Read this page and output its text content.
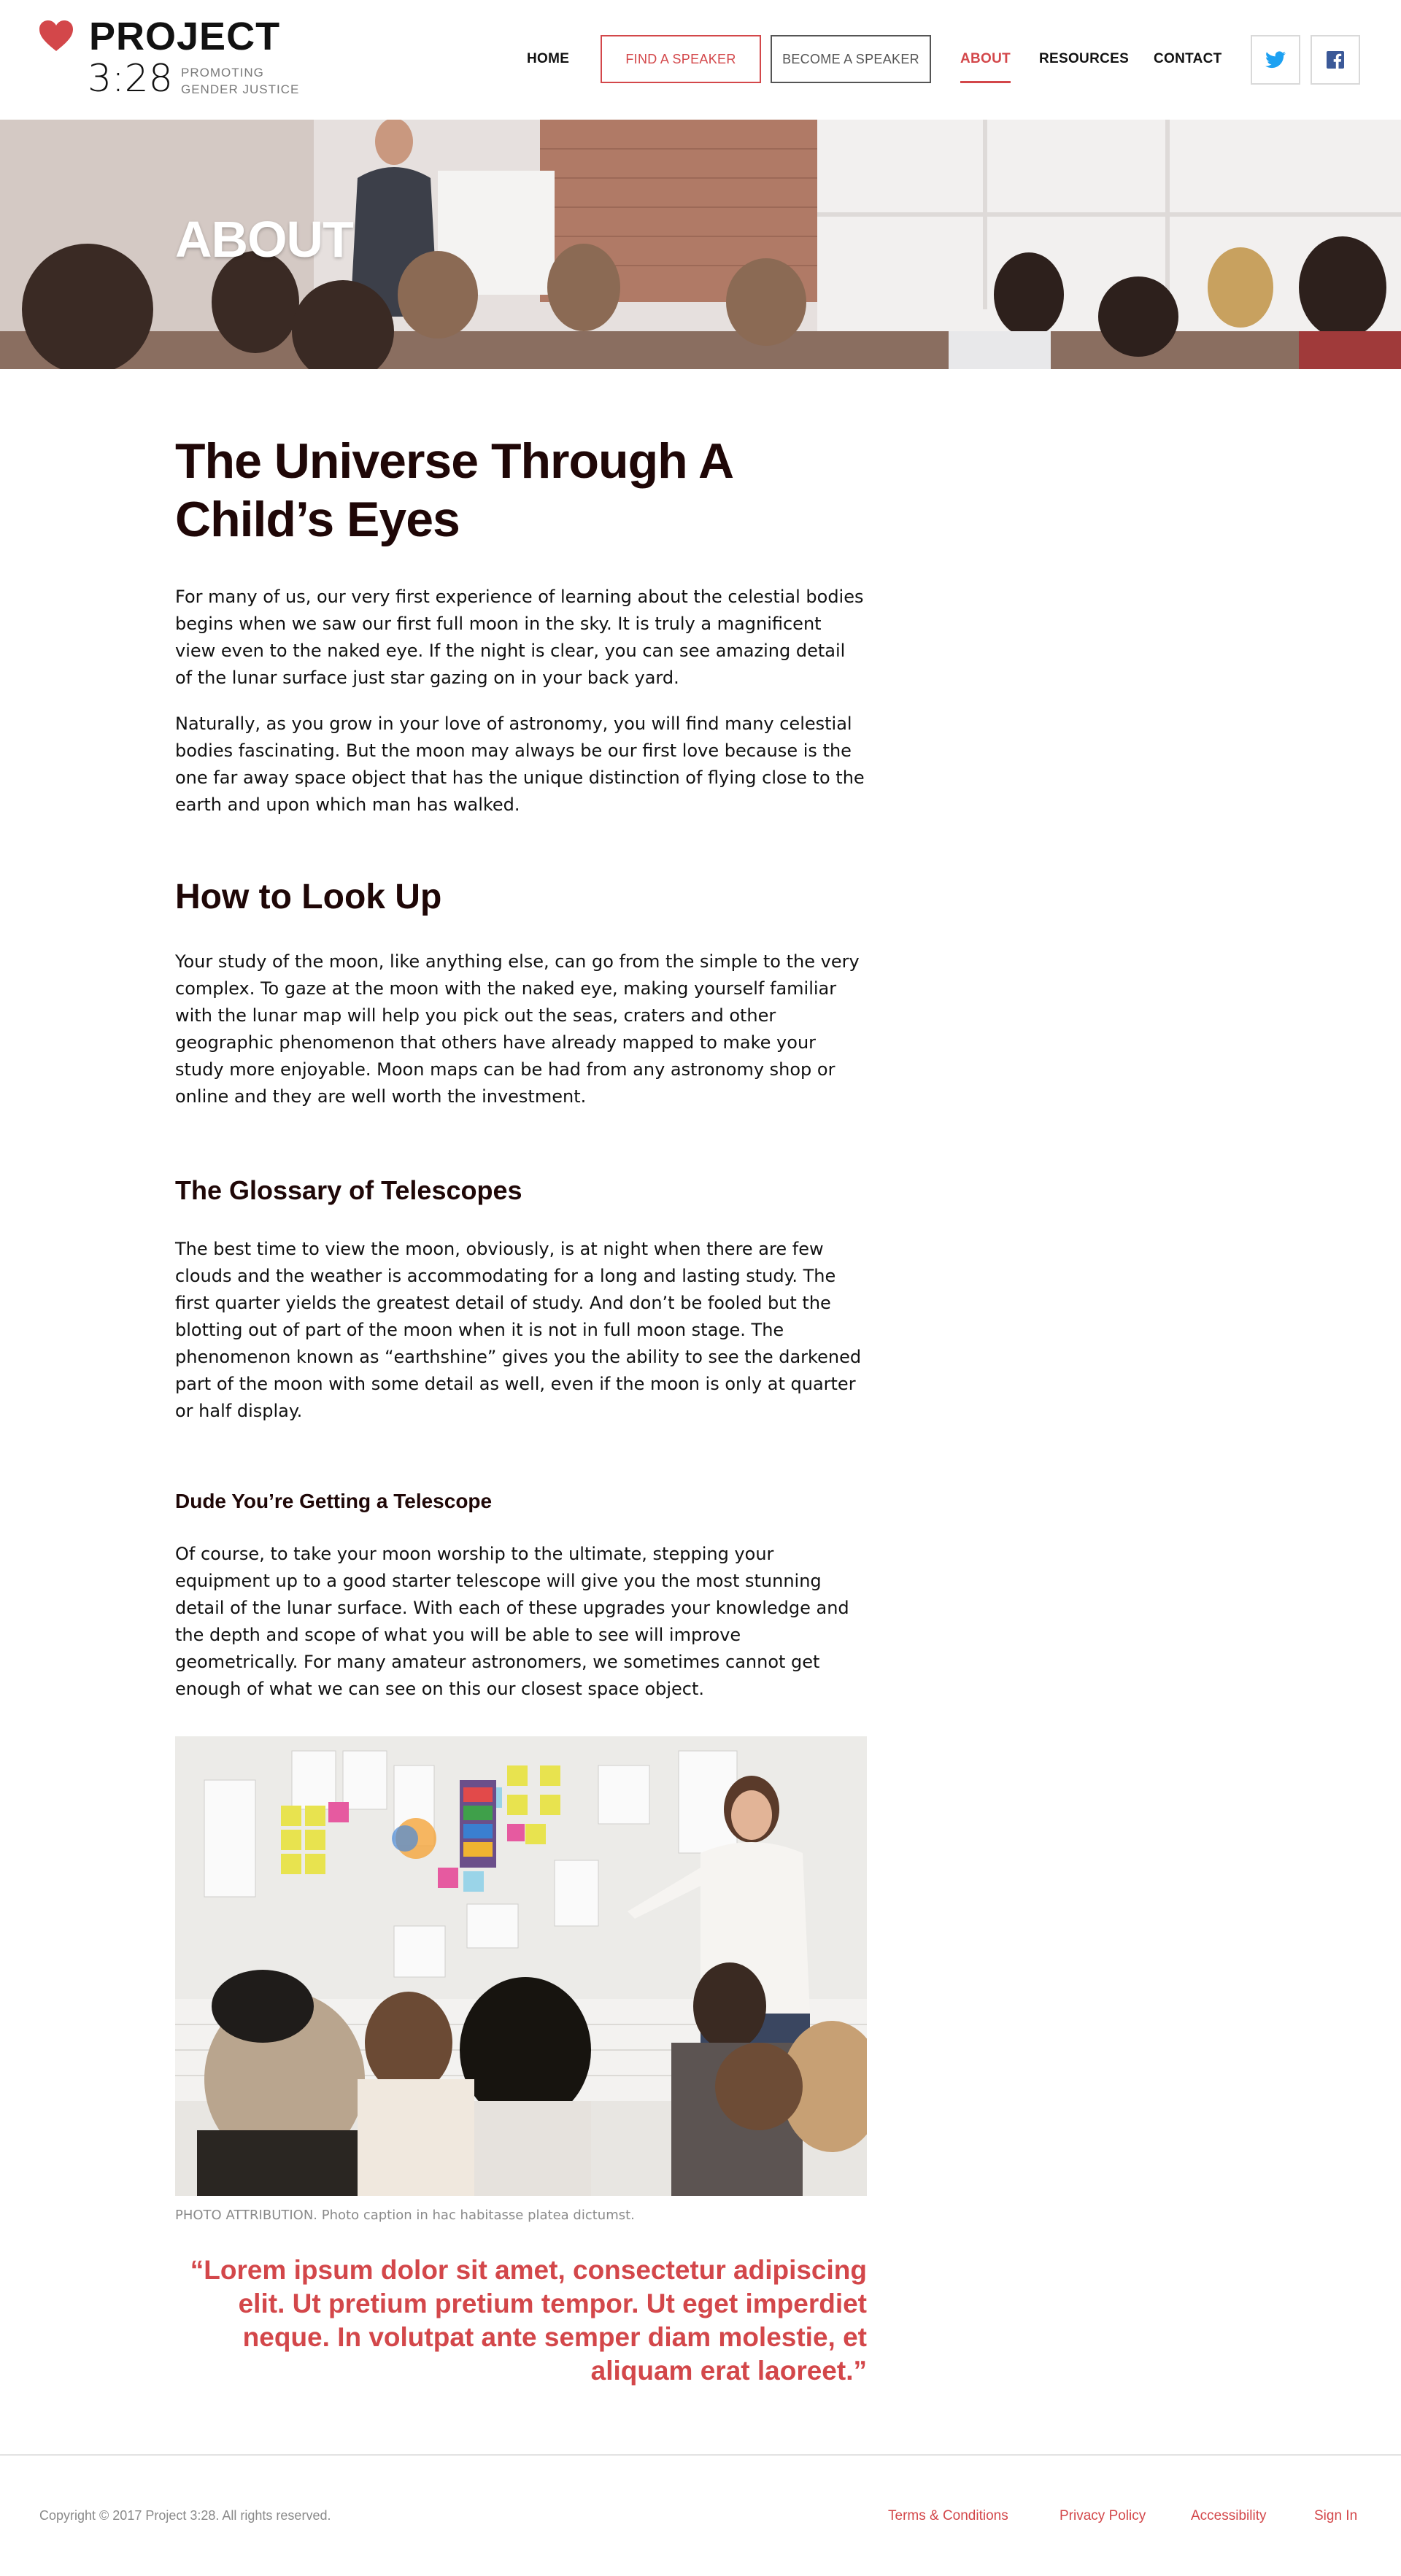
PROJECT
3:28 PROMOTING
GENDER JUSTICE
HOME	FIND A SPEAKER	BECOME A SPEAKER	ABOUT RESOURCES CONTACT
ABOUT
The Universe Through A Child’s Eyes

For many of us, our very first experience of learning about the celestial bodies begins when we saw our first full moon in the sky. It is truly a magnificent view even to the naked eye. If the night is clear, you can see amazing detail of the lunar surface just star gazing on in your back yard.

Naturally, as you grow in your love of astronomy, you will find many celestial bodies fascinating. But the moon may always be our first love because is the one far away space object that has the unique distinction of flying close to the earth and upon which man has walked.

How to Look Up

Your study of the moon, like anything else, can go from the simple to the very complex. To gaze at the moon with the naked eye, making yourself familiar with the lunar map will help you pick out the seas, craters and other geographic phenomenon that others have already mapped to make your study more enjoyable. Moon maps can be had from any astronomy shop or online and they are well worth the investment.

The Glossary of Telescopes

The best time to view the moon, obviously, is at night when there are few clouds and the weather is accommodating for a long and lasting study. The first quarter yields the greatest detail of study. And don’t be fooled but the blotting out of part of the moon when it is not in full moon stage. The phenomenon known as “earthshine” gives you the ability to see the darkened part of the moon with some detail as well, even if the moon is only at quarter or half display.

Dude You’re Getting a Telescope

Of course, to take your moon worship to the ultimate, stepping your equipment up to a good starter telescope will give you the most stunning detail of the lunar surface. With each of these upgrades your knowledge and the depth and scope of what you will be able to see will improve geometrically. For many amateur astronomers, we sometimes cannot get enough of what we can see on this our closest space object.

PHOTO ATTRIBUTION. Photo caption in hac habitasse platea dictumst.
“Lorem ipsum dolor sit amet, consectetur adipiscing elit. Ut pretium pretium tempor. Ut eget imperdiet neque. In volutpat ante semper diam molestie, et aliquam erat laoreet.”
Copyright © 2017 Project 3:28. All rights reserved.	Terms & Conditions	Privacy Policy	Accessibility	Sign In
